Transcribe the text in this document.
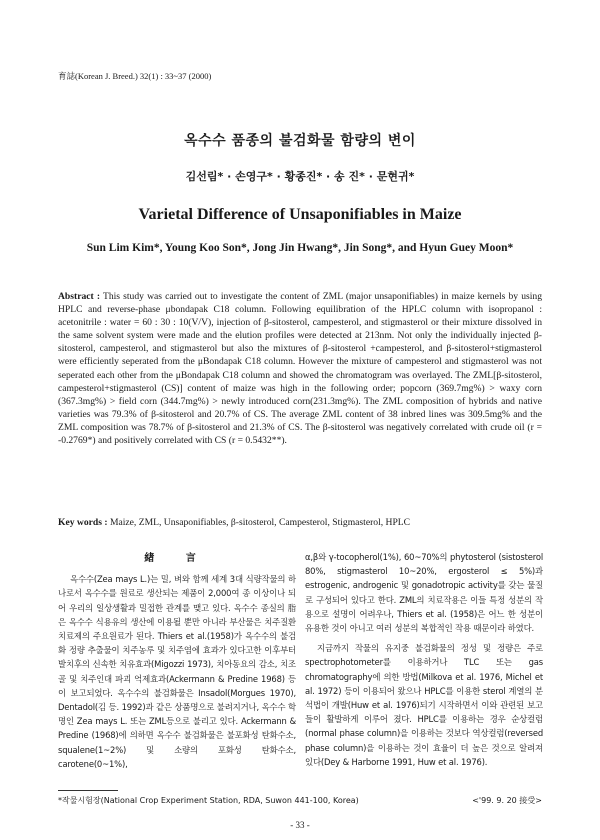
育誌(Korean J. Breed.) 32(1) : 33~37 (2000)
옥수수 품종의 불검화물 함량의 변이
김선림* · 손영구* · 황종진* · 송 진* · 문현귀*
Varietal Difference of Unsaponifiables in Maize
Sun Lim Kim*, Young Koo Son*, Jong Jin Hwang*, Jin Song*, and Hyun Guey Moon*
Abstract : This study was carried out to investigate the content of ZML (major unsaponifiables) in maize kernels by using HPLC and reverse-phase μbondapak C18 column. Following equilibration of the HPLC column with isopropanol : acetonitrile : water = 60 : 30 : 10(V/V), injection of β-sitosterol, campesterol, and stigmasterol or their mixture dissolved in the same solvent system were made and the elution profiles were detected at 213nm. Not only the individually injected β-sitosterol, campesterol, and stigmasterol but also the mixtures of β-sitosterol +campesterol, and β-sitosterol+stigmasterol were efficiently seperated from the μBondapak C18 column. However the mixture of campesterol and stigmasterol was not seperated each other from the μBondapak C18 column and showed the chromatogram was overlayed. The ZML[β-sitosterol, campesterol+stigmasterol (CS)] content of maize was high in the following order; popcorn (369.7mg%) > waxy corn (367.3mg%) > field corn (344.7mg%) > newly introduced corn(231.3mg%). The ZML composition of hybrids and native varieties was 79.3% of β-sitosterol and 20.7% of CS. The average ZML content of 38 inbred lines was 309.5mg% and the ZML composition was 78.7% of β-sitosterol and 21.3% of CS. The β-sitosterol was negatively correlated with crude oil (r = -0.2769*) and positively correlated with CS (r = 0.5432**).
Key words : Maize, ZML, Unsaponifiables, β-sitosterol, Campesterol, Stigmasterol, HPLC
緖 言

옥수수(Zea mays L.)는 밀, 벼와 함께 세계 3대 식량작물의 하나로서 옥수수를 원료로 생산되는 제품이 2,000여 종 이상이나 되어 우리의 일상생활과 밀접한 관계를 맺고 있다. 옥수수 종실의 脂은 옥수수 식용유의 생산에 이용될 뿐만 아니라 부산물은 치주질환 치료제의 주요원료가 된다. Thiers et al.(1958)가 옥수수의 불검화 정량 추출물이 치주농루 및 치주염에 효과가 있다고한 이후부터 발치후의 신속한 치유효과(Migozzi 1973), 치아동요의 감소, 치조골 및 치주인대 파괴 억제효과(Ackermann & Predine 1968) 등이 보고되었다. 옥수수의 불검화물은 Insadol(Morgues 1970), Dentadol(김 등. 1992)과 같은 상품명으로 불려지거나, 옥수수 학명인 Zea mays L. 또는 ZML등으로 불리고 있다. Ackermann & Predine (1968)에 의하면 옥수수 불검화물은 불포화성 탄화수소, squalene(1~2%) 및 소량의 포화성 탄화수소, carotene(0~1%),

α,β와 γ-tocopherol(1%), 60~70%의 phytosterol (sistosterol 80%, stigmasterol 10~20%, ergosterol ≤ 5%)과 estrogenic, androgenic 및 gonadotropic activity를 갖는 물질로 구성되어 있다고 한다. ZML의 치료작용은 이들 특정 성분의 작용으로 설명이 어려우나, Thiers et al. (1958)은 어느 한 성분이 유용한 것이 아니고 여러 성분의 복합적인 작용 때문이라 하였다.

지금까지 작물의 유지중 불검화물의 정성 및 정량은 주로 spectrophotometer를 이용하거나 TLC 또는 gas chromatography에 의한 방법(Milkova et al. 1976, Michel et al. 1972) 등이 이용되어 왔으나 HPLC를 이용한 sterol 계열의 분석법이 개발(Huw et al. 1976)되기 시작하면서 이와 관련된 보고들이 활발하게 이루어 졌다. HPLC를 이용하는 경우 순상컬럼(normal phase column)을 이용하는 것보다 역상컬럼(reversed phase column)을 이용하는 것이 효율이 더 높은 것으로 알려져 있다(Dey & Harborne 1991, Huw et al. 1976).

*작물시험장(National Crop Experiment Station, RDA, Suwon 441-100, Korea)	<'99. 9. 20 接受>
- 33 -
